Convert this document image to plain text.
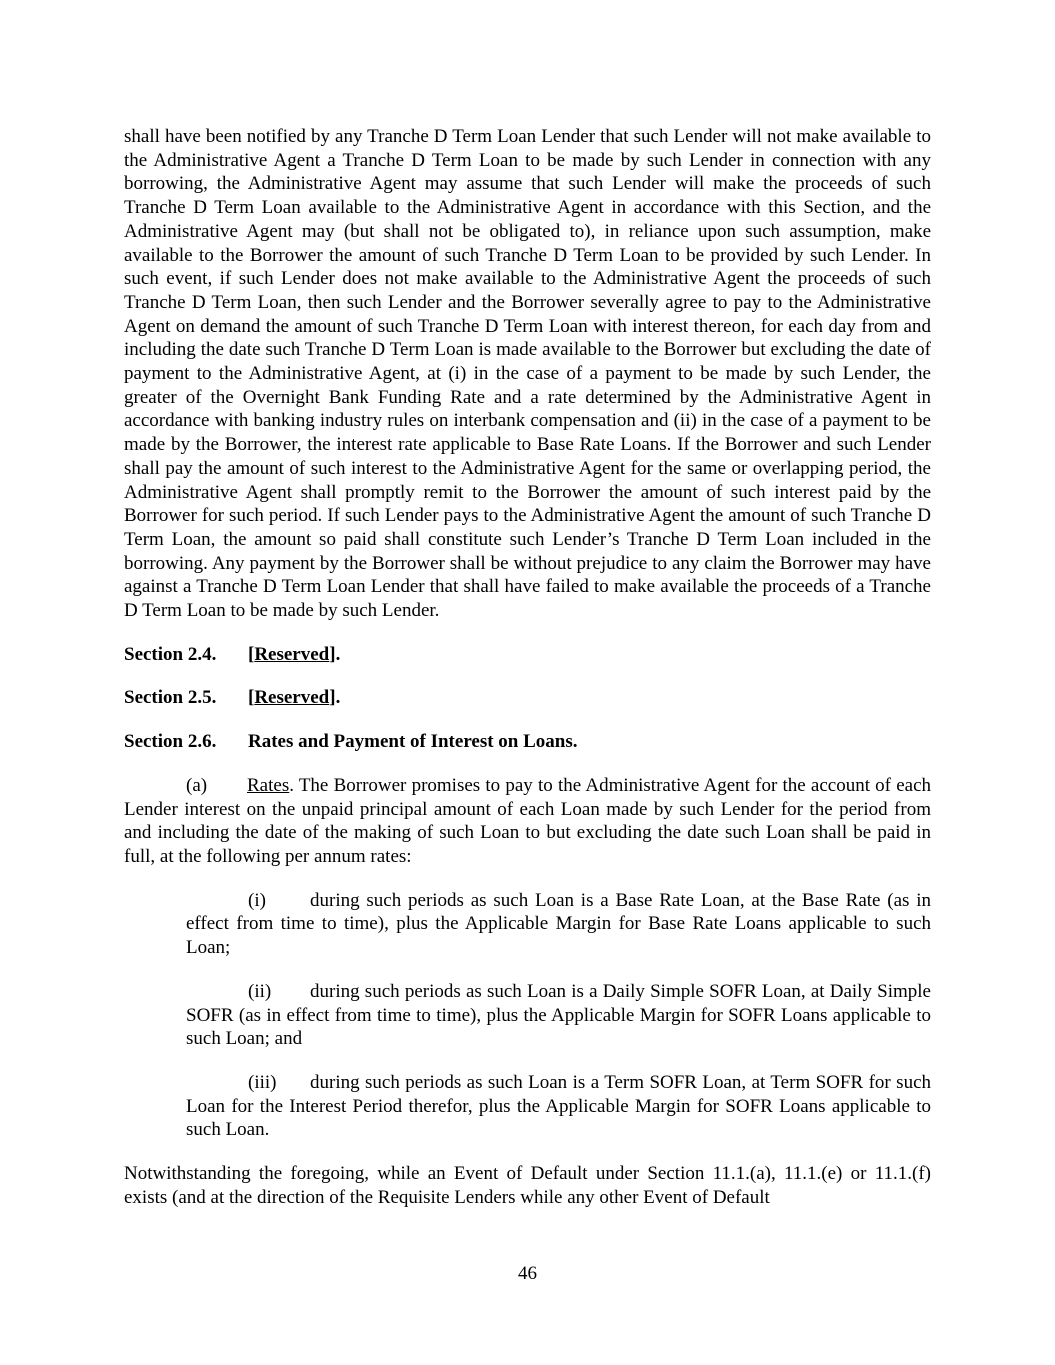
shall have been notified by any Tranche D Term Loan Lender that such Lender will not make available to the Administrative Agent a Tranche D Term Loan to be made by such Lender in connection with any borrowing, the Administrative Agent may assume that such Lender will make the proceeds of such Tranche D Term Loan available to the Administrative Agent in accordance with this Section, and the Administrative Agent may (but shall not be obligated to), in reliance upon such assumption, make available to the Borrower the amount of such Tranche D Term Loan to be provided by such Lender. In such event, if such Lender does not make available to the Administrative Agent the proceeds of such Tranche D Term Loan, then such Lender and the Borrower severally agree to pay to the Administrative Agent on demand the amount of such Tranche D Term Loan with interest thereon, for each day from and including the date such Tranche D Term Loan is made available to the Borrower but excluding the date of payment to the Administrative Agent, at (i) in the case of a payment to be made by such Lender, the greater of the Overnight Bank Funding Rate and a rate determined by the Administrative Agent in accordance with banking industry rules on interbank compensation and (ii) in the case of a payment to be made by the Borrower, the interest rate applicable to Base Rate Loans. If the Borrower and such Lender shall pay the amount of such interest to the Administrative Agent for the same or overlapping period, the Administrative Agent shall promptly remit to the Borrower the amount of such interest paid by the Borrower for such period. If such Lender pays to the Administrative Agent the amount of such Tranche D Term Loan, the amount so paid shall constitute such Lender’s Tranche D Term Loan included in the borrowing. Any payment by the Borrower shall be without prejudice to any claim the Borrower may have against a Tranche D Term Loan Lender that shall have failed to make available the proceeds of a Tranche D Term Loan to be made by such Lender.

Section 2.4.	[Reserved].
Section 2.5.	[Reserved].
Section 2.6.	Rates and Payment of Interest on Loans.

(a) Rates. The Borrower promises to pay to the Administrative Agent for the account of each Lender interest on the unpaid principal amount of each Loan made by such Lender for the period from and including the date of the making of such Loan to but excluding the date such Loan shall be paid in full, at the following per annum rates:

(i) during such periods as such Loan is a Base Rate Loan, at the Base Rate (as in effect from time to time), plus the Applicable Margin for Base Rate Loans applicable to such Loan;

(ii) during such periods as such Loan is a Daily Simple SOFR Loan, at Daily Simple SOFR (as in effect from time to time), plus the Applicable Margin for SOFR Loans applicable to such Loan; and

(iii) during such periods as such Loan is a Term SOFR Loan, at Term SOFR for such Loan for the Interest Period therefor, plus the Applicable Margin for SOFR Loans applicable to such Loan.

Notwithstanding the foregoing, while an Event of Default under Section 11.1.(a), 11.1.(e) or 11.1.(f) exists (and at the direction of the Requisite Lenders while any other Event of Default

46
